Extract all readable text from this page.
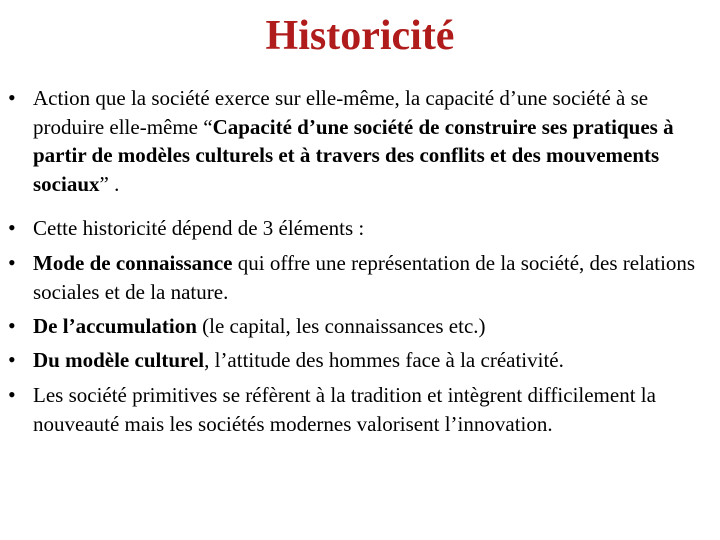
Historicité
• Action que la société exerce sur elle-même, la capacité d’une société à se produire elle-même “Capacité d’une société de construire ses pratiques à partir de modèles culturels et à travers des conflits et des mouvements sociaux” .
• Cette historicité dépend de 3 éléments :
• Mode de connaissance qui offre une représentation de la société, des relations sociales et de la nature.
• De l’accumulation (le capital, les connaissances etc.)
• Du modèle culturel, l’attitude des hommes face à la créativité.
• Les société primitives se réfèrent à la tradition et intègrent difficilement la nouveauté mais les sociétés modernes valorisent l’innovation.
